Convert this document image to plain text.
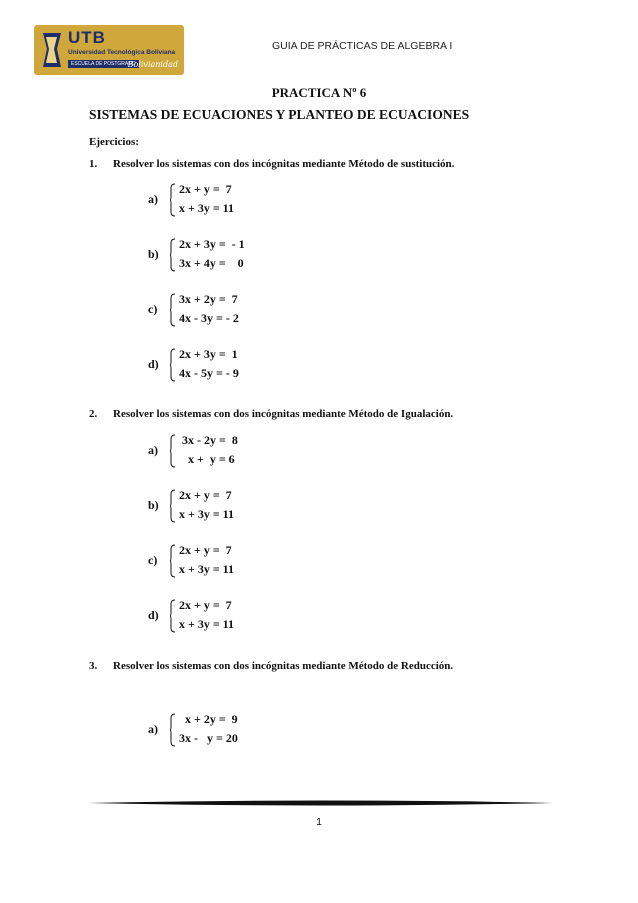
UTB
Universidad Tecnológica Boliviana
ESCUELA DE POSTGRADO
Bolivianidad
GUIA DE PRÁCTICAS DE ALGEBRA I
PRACTICA Nº 6
SISTEMAS DE ECUACIONES Y PLANTEO DE ECUACIONES
Ejercicios:
1. Resolver los sistemas con dos incógnitas mediante Método de sustitución.
a)
2x + y =  7
x + 3y = 11
b)
2x + 3y =  - 1
3x + 4y =    0
c)
3x + 2y =  7
4x - 3y = - 2
d)
2x + 3y =  1
4x - 5y = - 9
2. Resolver los sistemas con dos incógnitas mediante Método de Igualación.
a)
3x - 2y =  8
x +  y = 6
b)
2x + y =  7
x + 3y = 11
c)
2x + y =  7
x + 3y = 11
d)
2x + y =  7
x + 3y = 11
3. Resolver los sistemas con dos incógnitas mediante Método de Reducción.
a)
x + 2y =  9
3x -   y = 20
1
